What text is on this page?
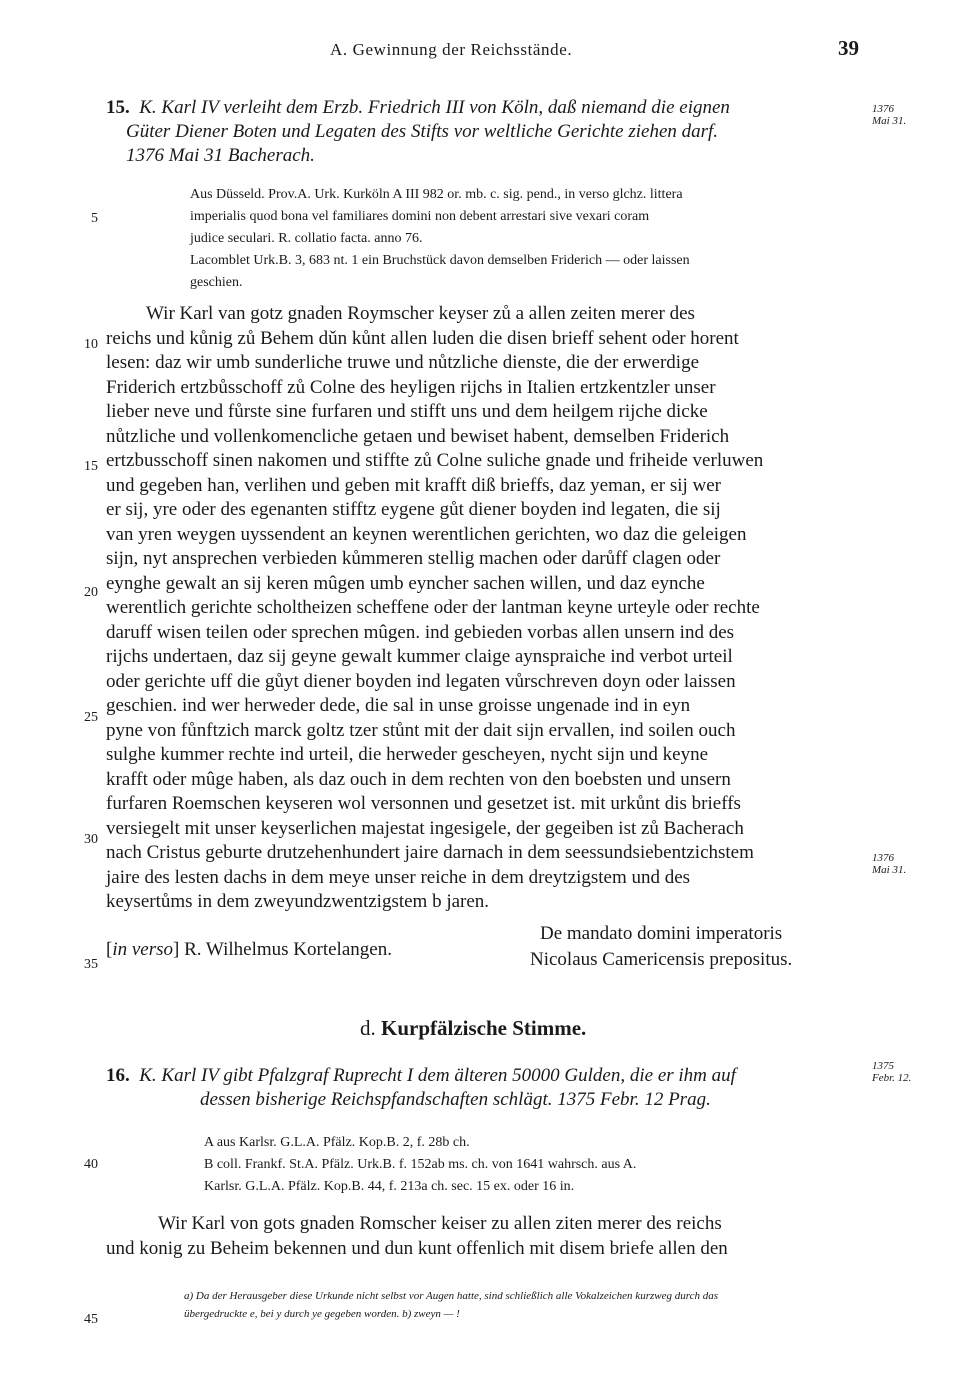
A. Gewinnung der Reichsstände.	39
5
10
15
20
25
30
35
40
45
15. K. Karl IV verleiht dem Erzb. Friedrich III von Köln, daß niemand die eignen
Güter Diener Boten und Legaten des Stifts vor weltliche Gerichte ziehen darf.
1376 Mai 31 Bacherach.
1376
Mai 31.
Aus Düsseld. Prov.A. Urk. Kurköln A III 982 or. mb. c. sig. pend., in verso glchz. littera
imperialis quod bona vel familiares domini non debent arrestari sive vexari coram
judice seculari. R. collatio facta. anno 76.
Lacomblet Urk.B. 3, 683 nt. 1 ein Bruchstück davon demselben Friderich — oder laissen
geschien.
Wir Karl van gotz gnaden Roymscher keyser zů a allen zeiten merer des
reichs und kůnig zů Behem dǔn kůnt allen luden die disen brieff sehent oder horent
lesen: daz wir umb sunderliche truwe und nůtzliche dienste, die der erwerdige
Friderich ertzbůsschoff zů Colne des heyligen rijchs in Italien ertzkentzler unser
lieber neve und fůrste sine furfaren und stifft uns und dem heilgem rijche dicke
nůtzliche und vollenkomencliche getaen und bewiset habent, demselben Friderich
ertzbusschoff sinen nakomen und stiffte zů Colne suliche gnade und friheide verluwen
und gegeben han, verlihen und geben mit krafft diß brieffs, daz yeman, er sij wer
er sij, yre oder des egenanten stifftz eygene gůt diener boyden ind legaten, die sij
van yren weygen uyssendent an keynen werentlichen gerichten, wo daz die geleigen
sijn, nyt ansprechen verbieden kůmmeren stellig machen oder darůff clagen oder
eynghe gewalt an sij keren mûgen umb eyncher sachen willen, und daz eynche
werentlich gerichte scholtheizen scheffene oder der lantman keyne urteyle oder rechte
daruff wisen teilen oder sprechen mûgen. ind gebieden vorbas allen unsern ind des
rijchs undertaen, daz sij geyne gewalt kummer claige aynspraiche ind verbot urteil
oder gerichte uff die gůyt diener boyden ind legaten vůrschreven doyn oder laissen
geschien. ind wer herweder dede, die sal in unse groisse ungenade ind in eyn
pyne von fůnftzich marck goltz tzer stůnt mit der dait sijn ervallen, ind soilen ouch
sulghe kummer rechte ind urteil, die herweder gescheyen, nycht sijn und keyne
krafft oder mûge haben, als daz ouch in dem rechten von den boebsten und unsern
furfaren Roemschen keyseren wol versonnen und gesetzet ist. mit urkůnt dis brieffs
versiegelt mit unser keyserlichen majestat ingesigele, der gegeiben ist zů Bacherach
nach Cristus geburte drutzehenhundert jaire darnach in dem seessundsiebentzichstem
jaire des lesten dachs in dem meye unser reiche in dem dreytzigstem und des
keysertůms in dem zweyundzwentzigstem b jaren.
1376
Mai 31.
De mandato domini imperatoris
[in verso] R. Wilhelmus Kortelangen.	Nicolaus Camericensis prepositus.
d. Kurpfälzische Stimme.
16. K. Karl IV gibt Pfalzgraf Ruprecht I dem älteren 50000 Gulden, die er ihm auf
dessen bisherige Reichspfandschaften schlägt. 1375 Febr. 12 Prag.
1375
Febr. 12.
A aus Karlsr. G.L.A. Pfälz. Kop.B. 2, f. 28b ch.
B coll. Frankf. St.A. Pfälz. Urk.B. f. 152ab ms. ch. von 1641 wahrsch. aus A.
Karlsr. G.L.A. Pfälz. Kop.B. 44, f. 213a ch. sec. 15 ex. oder 16 in.
Wir Karl von gots gnaden Romscher keiser zu allen ziten merer des reichs
und konig zu Beheim bekennen und dun kunt offenlich mit disem briefe allen den
a) Da der Herausgeber diese Urkunde nicht selbst vor Augen hatte, sind schließlich alle Vokalzeichen kurzweg durch das
übergedruckte e, bei y durch ye gegeben worden. b) zweyn — !
